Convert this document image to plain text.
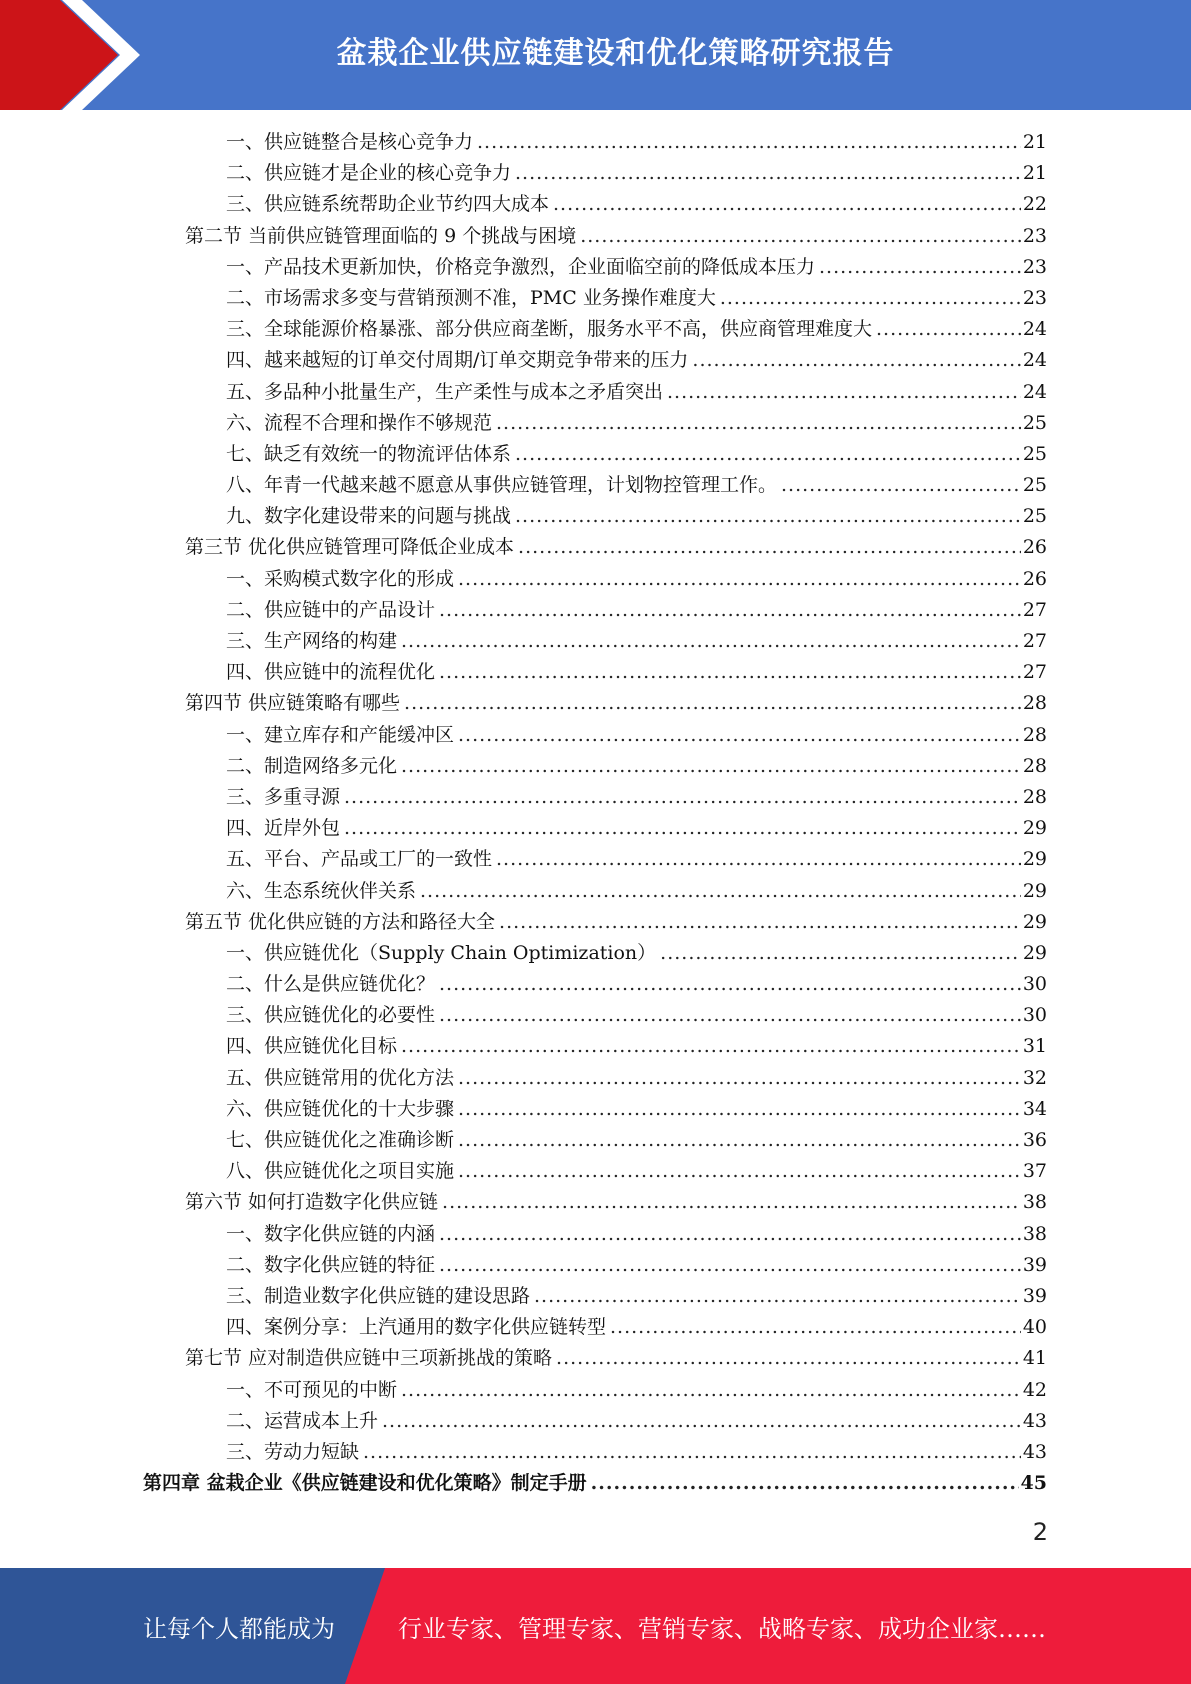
盆栽企业供应链建设和优化策略研究报告
一、供应链整合是核心竞争力 .....	21
二、供应链才是企业的核心竞争力 .....	21
三、供应链系统帮助企业节约四大成本 .....	22
第二节 当前供应链管理面临的 9 个挑战与困境 .....	23
一、产品技术更新加快，价格竞争激烈，企业面临空前的降低成本压力 .....	23
二、市场需求多变与营销预测不准，PMC 业务操作难度大 .....	23
三、全球能源价格暴涨、部分供应商垄断，服务水平不高，供应商管理难度大 .....	24
四、越来越短的订单交付周期/订单交期竞争带来的压力 .....	24
五、多品种小批量生产，生产柔性与成本之矛盾突出 .....	24
六、流程不合理和操作不够规范 .....	25
七、缺乏有效统一的物流评估体系 .....	25
八、年青一代越来越不愿意从事供应链管理，计划物控管理工作。 .....	25
九、数字化建设带来的问题与挑战 .....	25
第三节 优化供应链管理可降低企业成本 .....	26
一、采购模式数字化的形成 .....	26
二、供应链中的产品设计 .....	27
三、生产网络的构建 .....	27
四、供应链中的流程优化 .....	27
第四节 供应链策略有哪些 .....	28
一、建立库存和产能缓冲区 .....	28
二、制造网络多元化 .....	28
三、多重寻源 .....	28
四、近岸外包 .....	29
五、平台、产品或工厂的一致性 .....	29
六、生态系统伙伴关系 .....	29
第五节 优化供应链的方法和路径大全 .....	29
一、供应链优化（Supply Chain Optimization） .....	29
二、什么是供应链优化？ .....	30
三、供应链优化的必要性 .....	30
四、供应链优化目标 .....	31
五、供应链常用的优化方法 .....	32
六、供应链优化的十大步骤 .....	34
七、供应链优化之准确诊断 .....	36
八、供应链优化之项目实施 .....	37
第六节 如何打造数字化供应链 .....	38
一、数字化供应链的内涵 .....	38
二、数字化供应链的特征 .....	39
三、制造业数字化供应链的建设思路 .....	39
四、案例分享：上汽通用的数字化供应链转型 .....	40
第七节 应对制造供应链中三项新挑战的策略 .....	41
一、不可预见的中断 .....	42
二、运营成本上升 .....	43
三、劳动力短缺 .....	43
第四章 盆栽企业《供应链建设和优化策略》制定手册 .....	45
2
让每个人都能成为	行业专家、管理专家、营销专家、战略专家、成功企业家……
